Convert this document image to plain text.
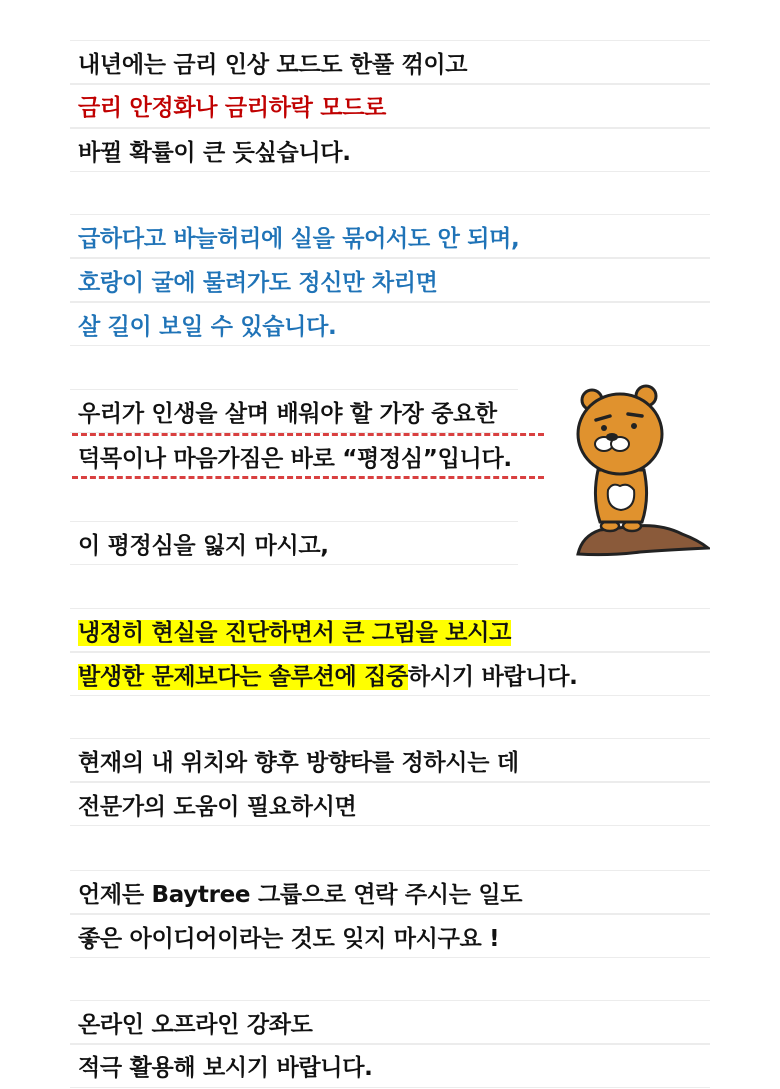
내년에는 금리 인상 모드도 한풀 꺾이고
금리 안정화나 금리하락 모드로
바뀔 확률이 큰 듯싶습니다.
급하다고 바늘허리에 실을 묶어서도 안 되며,
호랑이 굴에 물려가도 정신만 차리면
살 길이 보일 수 있습니다.
우리가 인생을 살며 배워야 할 가장 중요한
덕목이나 마음가짐은 바로 “평정심”입니다.
이 평정심을 잃지 마시고,
냉정히 현실을 진단하면서 큰 그림을 보시고
발생한 문제보다는 솔루션에 집중하시기 바랍니다.
현재의 내 위치와 향후 방향타를 정하시는 데
전문가의 도움이 필요하시면
언제든 Baytree 그룹으로 연락 주시는 일도
좋은 아이디어이라는 것도 잊지 마시구요 !
온라인 오프라인 강좌도
적극 활용해 보시기 바랍니다.
